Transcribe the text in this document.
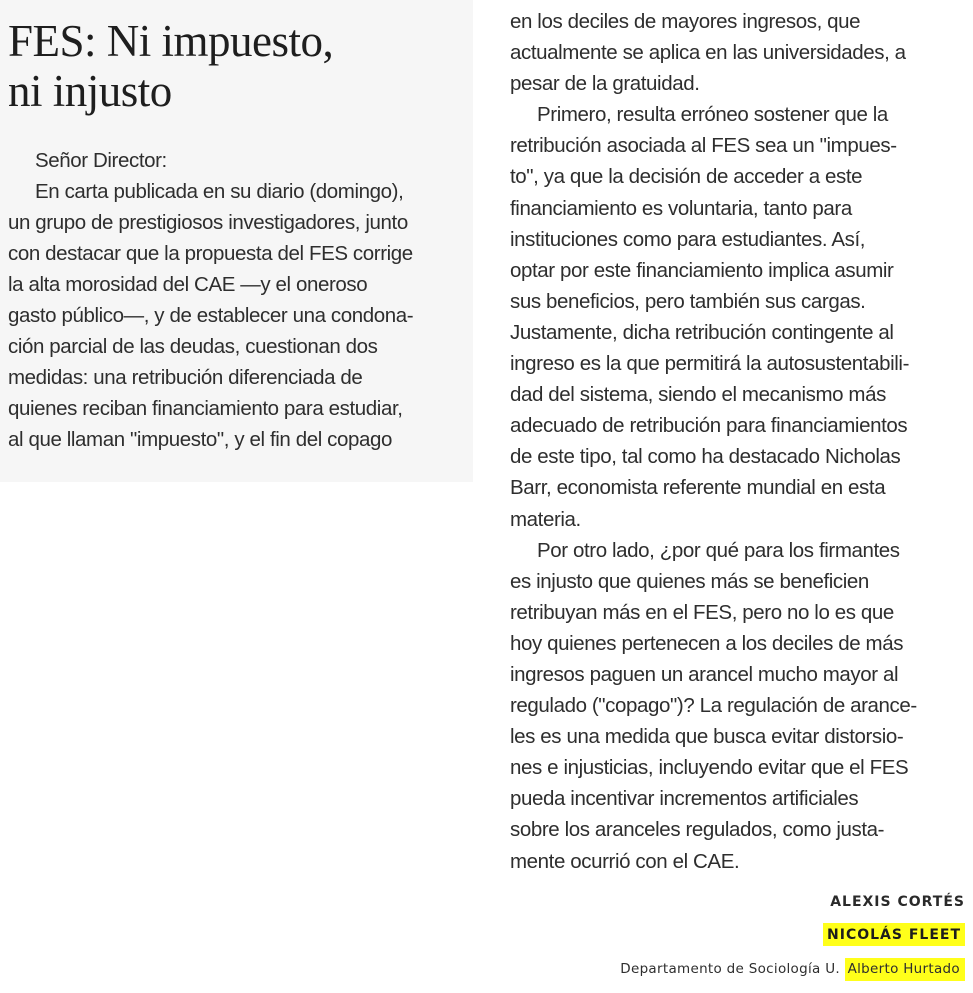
FES: Ni impuesto,
ni injusto
Señor Director:
En carta publicada en su diario (domingo),
un grupo de prestigiosos investigadores, junto
con destacar que la propuesta del FES corrige
la alta morosidad del CAE —y el oneroso
gasto público—, y de establecer una condona-
ción parcial de las deudas, cuestionan dos
medidas: una retribución diferenciada de
quienes reciban financiamiento para estudiar,
al que llaman "impuesto", y el fin del copago
en los deciles de mayores ingresos, que
actualmente se aplica en las universidades, a
pesar de la gratuidad.
Primero, resulta erróneo sostener que la
retribución asociada al FES sea un "impues-
to", ya que la decisión de acceder a este
financiamiento es voluntaria, tanto para
instituciones como para estudiantes. Así,
optar por este financiamiento implica asumir
sus beneficios, pero también sus cargas.
Justamente, dicha retribución contingente al
ingreso es la que permitirá la autosustentabili-
dad del sistema, siendo el mecanismo más
adecuado de retribución para financiamientos
de este tipo, tal como ha destacado Nicholas
Barr, economista referente mundial en esta
materia.
Por otro lado, ¿por qué para los firmantes
es injusto que quienes más se beneficien
retribuyan más en el FES, pero no lo es que
hoy quienes pertenecen a los deciles de más
ingresos paguen un arancel mucho mayor al
regulado ("copago")? La regulación de arance-
les es una medida que busca evitar distorsio-
nes e injusticias, incluyendo evitar que el FES
pueda incentivar incrementos artificiales
sobre los aranceles regulados, como justa-
mente ocurrió con el CAE.
ALEXIS CORTÉS
NICOLÁS FLEET
Departamento de Sociología U. Alberto Hurtado
